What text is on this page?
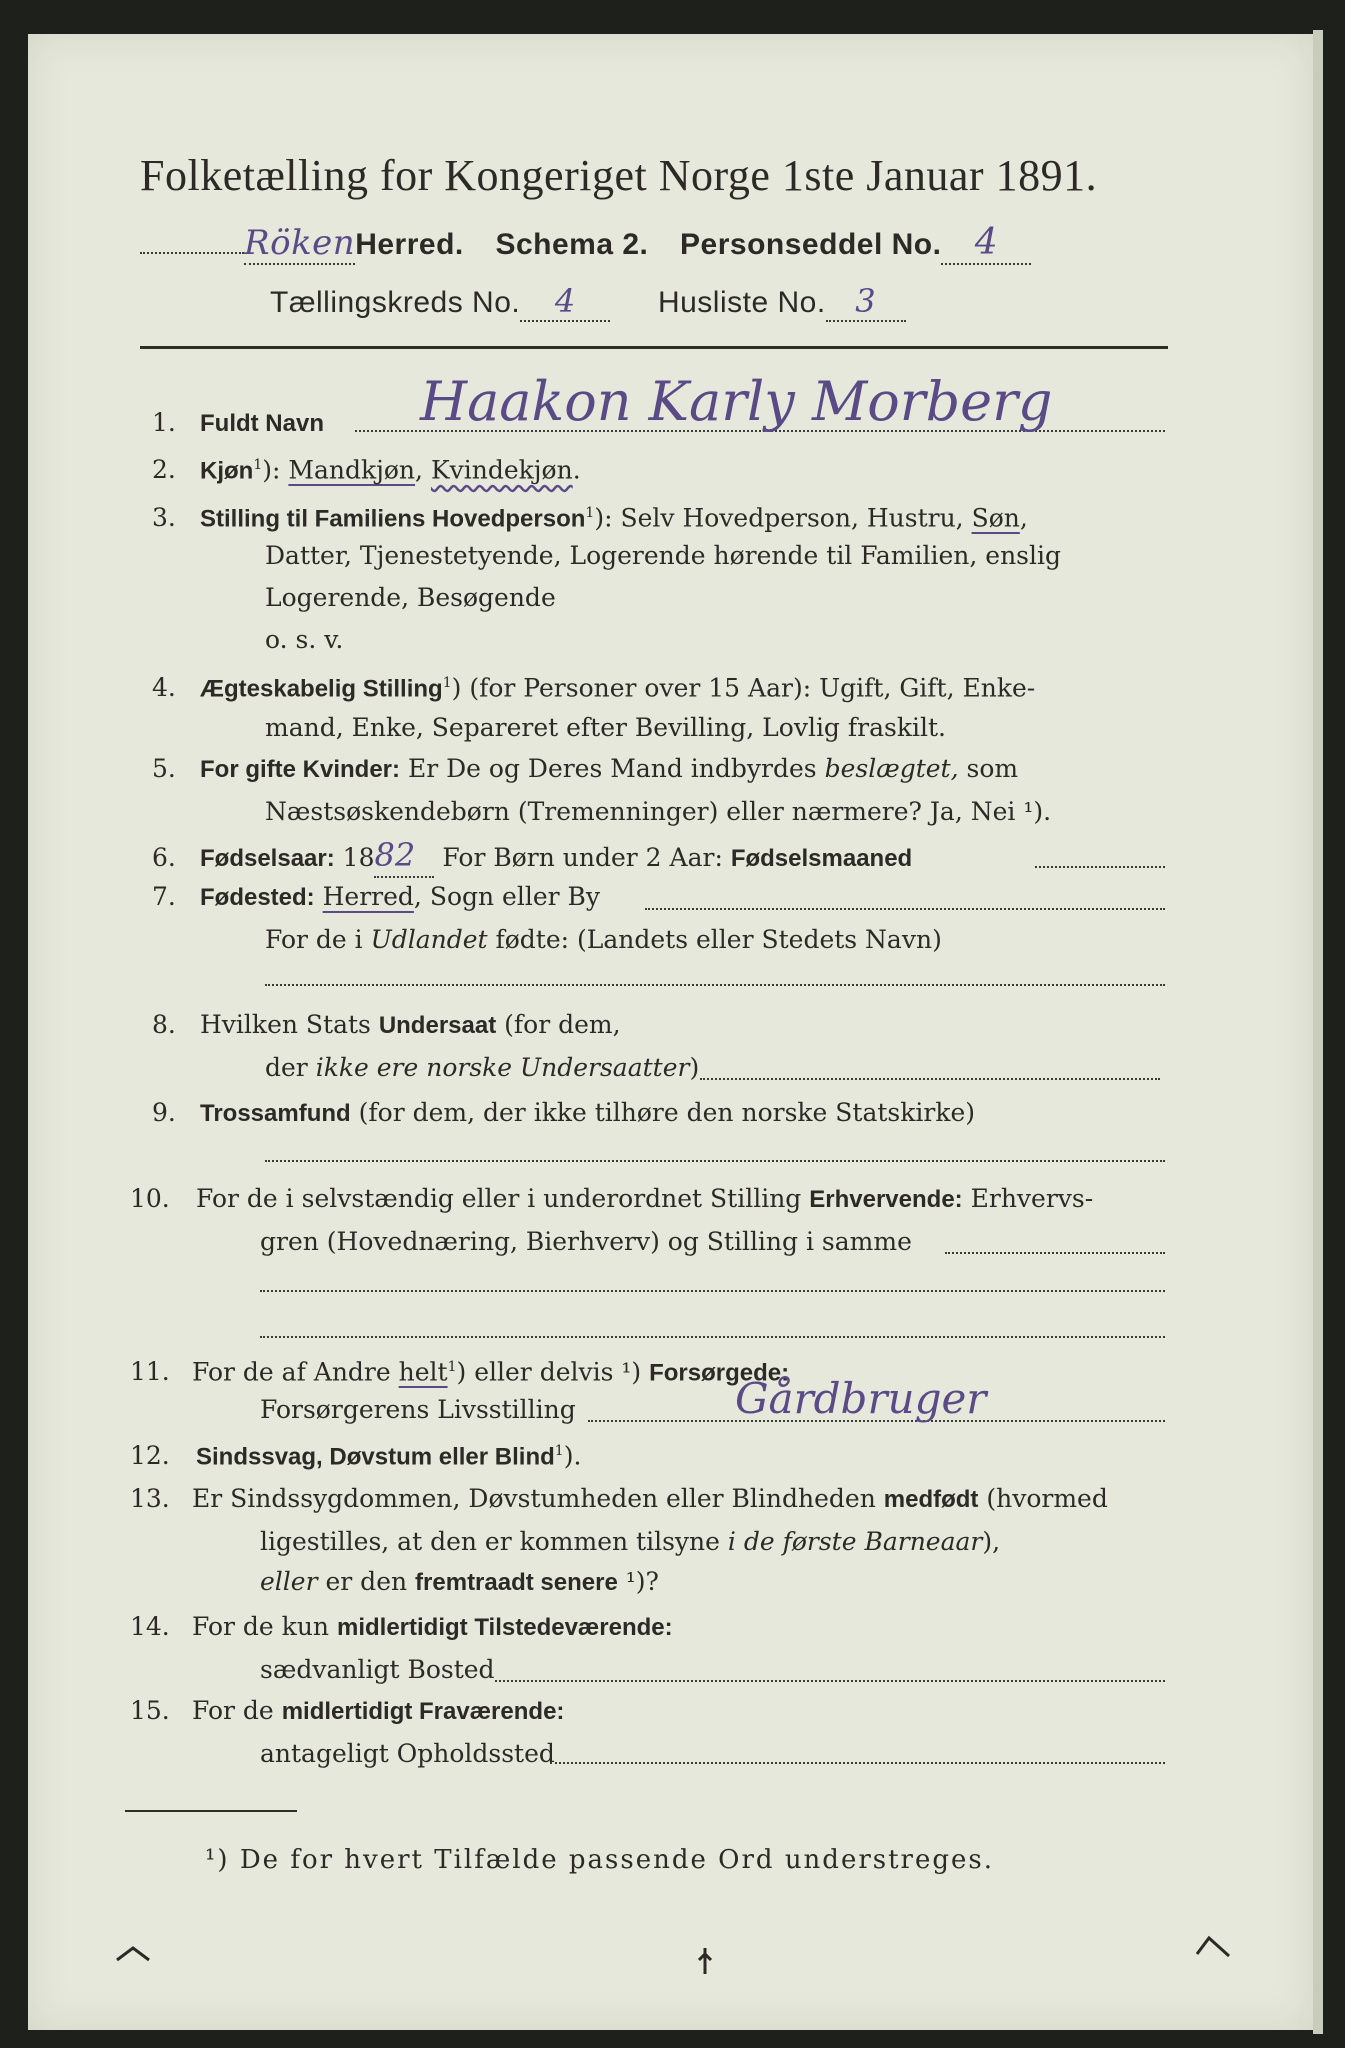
Folketælling for Kongeriget Norge 1ste Januar 1891.
RökenHerred. Schema 2. Personseddel No. 4
Tællingskreds No. 4	Husliste No. 3
1. Fuldt Navn	Haakon Karly Morberg
2. Kjøn$^1$): Mandkjøn, Kvindekjøn.
3. Stilling til Familiens Hovedperson$^1$): Selv Hovedperson, Hustru, Søn,
Datter, Tjenestetyende, Logerende hørende til Familien, enslig
Logerende, Besøgende
o. s. v.
4. Ægteskabelig Stilling$^1$) (for Personer over 15 Aar): Ugift, Gift, Enke-
mand, Enke, Separeret efter Bevilling, Lovlig fraskilt.
5. For gifte Kvinder: Er De og Deres Mand indbyrdes beslægtet, som
Næstsøskendebørn (Tremenninger) eller nærmere? Ja, Nei ¹).
6. Fødselsaar: 1882 For Børn under 2 Aar: Fødselsmaaned
7. Fødested: Herred, Sogn eller By
For de i Udlandet fødte: (Landets eller Stedets Navn)
8. Hvilken Stats Undersaat (for dem,
der ikke ere norske Undersaatter)
9. Trossamfund (for dem, der ikke tilhøre den norske Statskirke)
10. For de i selvstændig eller i underordnet Stilling Erhvervende: Erhvervs-
gren (Hovednæring, Bierhverv) og Stilling i samme
11. For de af Andre helt$^1$) eller delvis ¹) Forsørgede:
Forsørgerens Livsstilling	Gårdbruger
12. Sindssvag, Døvstum eller Blind$^1$).
13. Er Sindssygdommen, Døvstumheden eller Blindheden medfødt (hvormed
ligestilles, at den er kommen tilsyne i de første Barneaar),
eller er den fremtraadt senere ¹)?
14. For de kun midlertidigt Tilstedeværende:
sædvanligt Bosted
15. For de midlertidigt Fraværende:
antageligt Opholdssted
¹) De for hvert Tilfælde passende Ord understreges.
